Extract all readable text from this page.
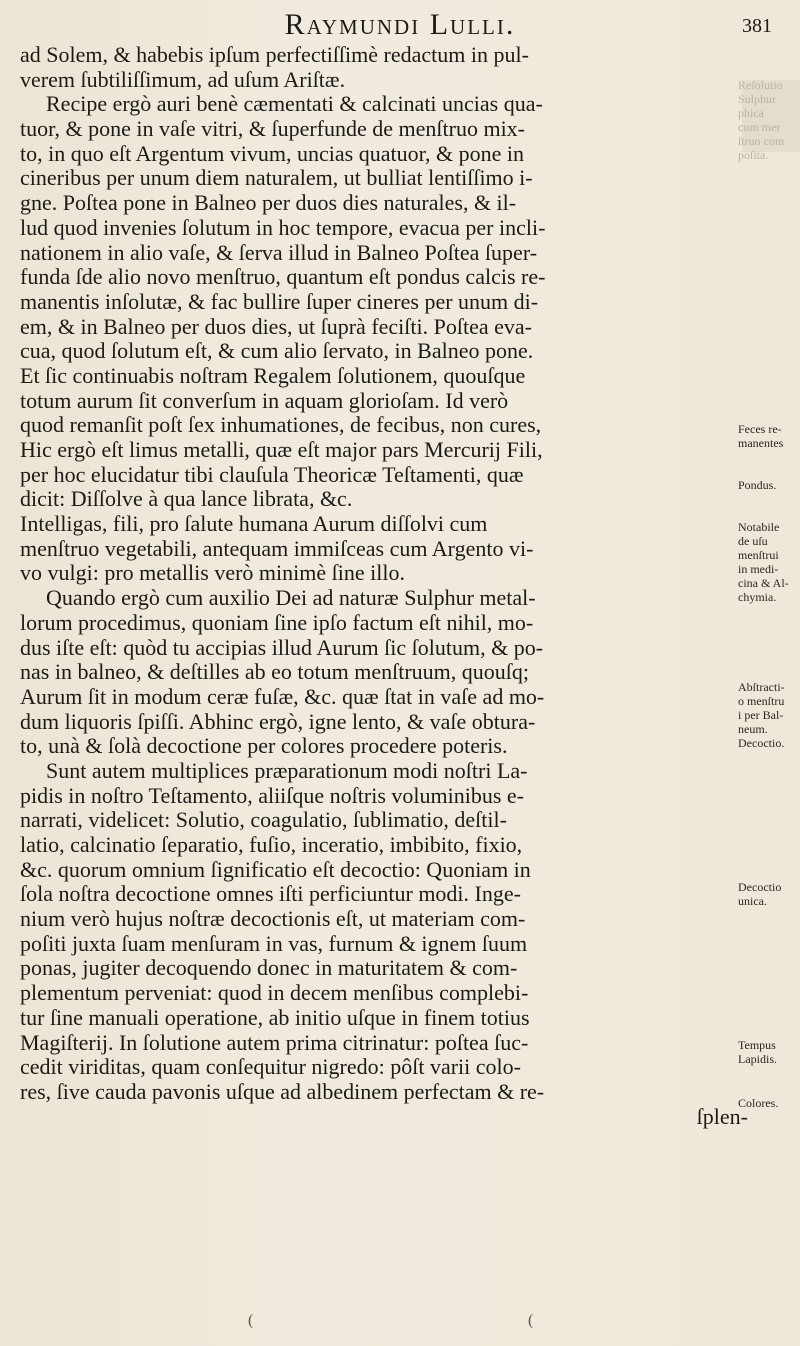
Raymundi Lulli.	381
ad Solem, & habebis ipſum perfectiſſimè redactum in pul-
verem ſubtiliſſimum, ad uſum Ariſtæ.
Recipe ergò auri benè cæmentati & calcinati uncias qua-
tuor, & pone in vaſe vitri, & ſuperfunde de menſtruo mix-
to, in quo eſt Argentum vivum, uncias quatuor, & pone in
cineribus per unum diem naturalem, ut bulliat lentiſſimo i-
gne. Poſtea pone in Balneo per duos dies naturales, & il-
lud quod invenies ſolutum in hoc tempore, evacua per incli-
nationem in alio vaſe, & ſerva illud in Balneo Poſtea ſuper-
funda ſde alio novo menſtruo, quantum eſt pondus calcis re-
manentis inſolutæ, & fac bullire ſuper cineres per unum di-
em, & in Balneo per duos dies, ut ſuprà feciſti. Poſtea eva-
cua, quod ſolutum eſt, & cum alio ſervato, in Balneo pone.
Et ſic continuabis noſtram Regalem ſolutionem, quouſque
totum aurum ſit converſum in aquam glorioſam. Id verò
quod remanſit poſt ſex inhumationes, de fecibus, non cures,
Hic ergò eſt limus metalli, quæ eſt major pars Mercurij Fili,
per hoc elucidatur tibi clauſula Theoricæ Teſtamenti, quæ
dicit: Diſſolve à qua lance librata, &c.
Intelligas, fili, pro ſalute humana Aurum diſſolvi cum
menſtruo vegetabili, antequam immiſceas cum Argento vi-
vo vulgi: pro metallis verò minimè ſine illo.
Quando ergò cum auxilio Dei ad naturæ Sulphur metal-
lorum procedimus, quoniam ſine ipſo factum eſt nihil, mo-
dus iſte eſt: quòd tu accipias illud Aurum ſic ſolutum, & po-
nas in balneo, & deſtilles ab eo totum menſtruum, quouſq;
Aurum ſit in modum ceræ fuſæ, &c. quæ ſtat in vaſe ad mo-
dum liquoris ſpiſſi. Abhinc ergò, igne lento, & vaſe obtura-
to, unà & ſolà decoctione per colores procedere poteris.
Sunt autem multiplices præparationum modi noſtri La-
pidis in noſtro Teſtamento, aliiſque noſtris voluminibus e-
narrati, videlicet: Solutio, coagulatio, ſublimatio, deſtil-
latio, calcinatio ſeparatio, fuſio, inceratio, imbibito, fixio,
&c. quorum omnium ſignificatio eſt decoctio: Quoniam in
ſola noſtra decoctione omnes iſti perficiuntur modi. Inge-
nium verò hujus noſtræ decoctionis eſt, ut materiam com-
poſiti juxta ſuam menſuram in vas, furnum & ignem ſuum
ponas, jugiter decoquendo donec in maturitatem & com-
plementum perveniat: quod in decem menſibus complebi-
tur ſine manuali operatione, ab initio uſque in finem totius
Magiſterij. In ſolutione autem prima citrinatur: poſtea ſuc-
cedit viriditas, quam conſequitur nigredo: pôſt varii colo-
res, ſive cauda pavonis uſque ad albedinem perfectam & re-
ſplen-
Reſolutio
Sulphur
phica
cum mer
ſtruo com
poſita.
Feces re-
manentes
Pondus.
Notabile
de uſu
menſtrui
in medi-
cina & Al-
chymia.
Abſtracti-
o menſtru
i per Bal-
neum.
Decoctio.
Decoctio
unica.
Tempus
Lapidis.
Colores.
(	(
